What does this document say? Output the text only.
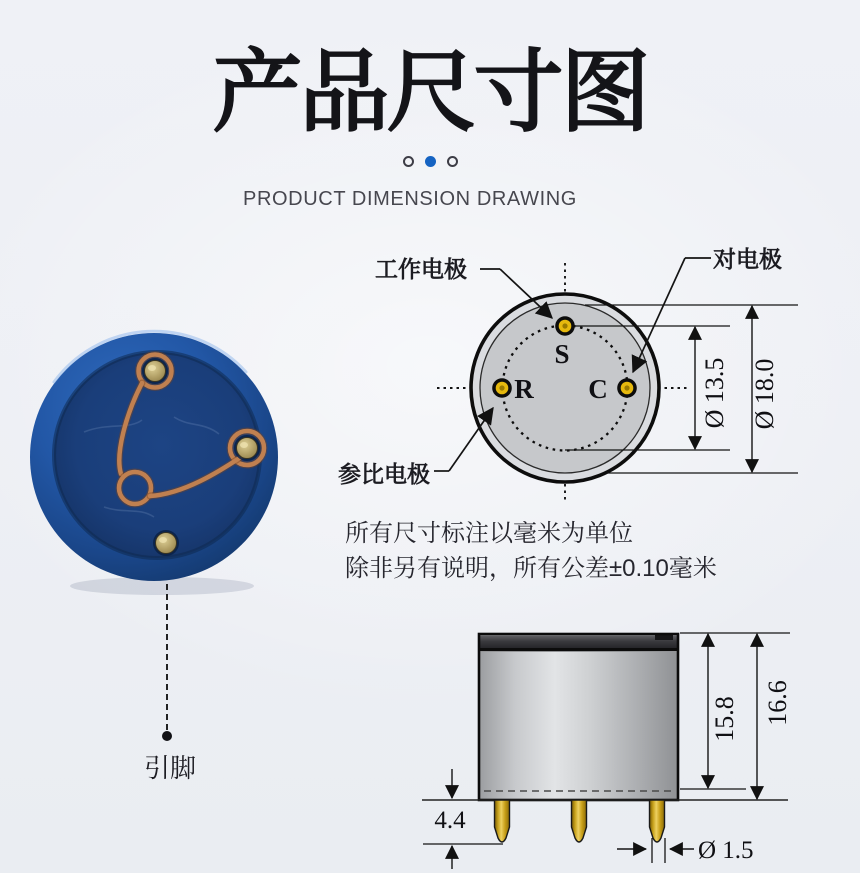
产品尺寸图
PRODUCT DIMENSION DRAWING
引脚
Ø 13.5 Ø 18.0
S
R C
工作电极	对电极
参比电极
所有尺寸标注以毫米为单位
除非另有说明，所有公差±0.10毫米
15.8 16.6
4.4
Ø 1.5
